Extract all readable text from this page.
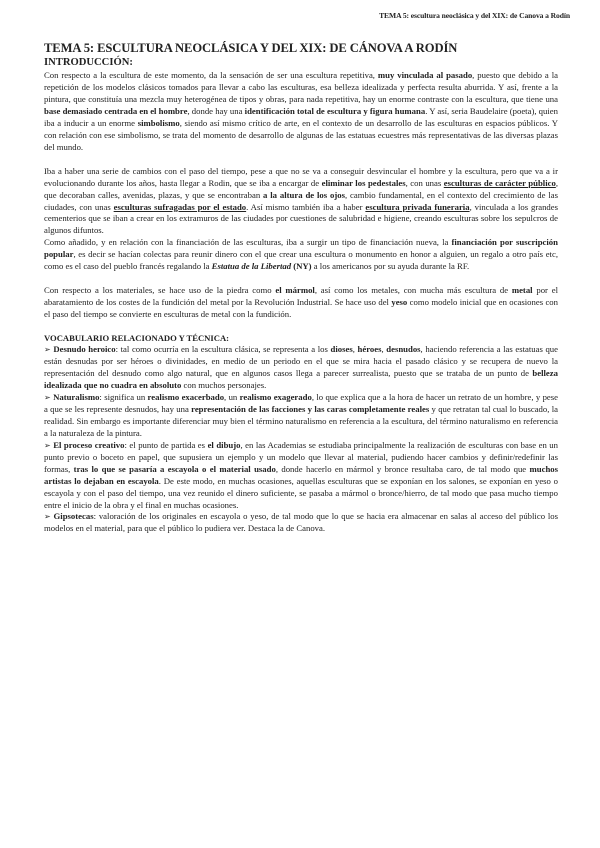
TEMA 5: escultura neoclásica y del XIX: de Canova a Rodín
TEMA 5: ESCULTURA NEOCLÁSICA Y DEL XIX: DE CÁNOVA A RODÍN
INTRODUCCIÓN:

Con respecto a la escultura de este momento, da la sensación de ser una escultura repetitiva, muy vinculada al pasado, puesto que debido a la repetición de los modelos clásicos tomados para llevar a cabo las esculturas, esa belleza idealizada y perfecta resulta aburrida. Y así, frente a la pintura, que constituía una mezcla muy heterogénea de tipos y obras, para nada repetitiva, hay un enorme contraste con la escultura, que tiene una base demasiado centrada en el hombre, donde hay una identificación total de escultura y figura humana. Y así, seria Baudelaire (poeta), quien iba a inducir a un enorme simbolismo, siendo así mismo crítico de arte, en el contexto de un desarrollo de las esculturas en espacios públicos. Y con relación con ese simbolismo, se trata del momento de desarrollo de algunas de las estatuas ecuestres más representativas de las diversas plazas del mundo.

Iba a haber una serie de cambios con el paso del tiempo, pese a que no se va a conseguir desvincular el hombre y la escultura, pero que va a ir evolucionando durante los años, hasta llegar a Rodin, que se iba a encargar de eliminar los pedestales, con unas esculturas de carácter público, que decoraban calles, avenidas, plazas, y que se encontraban a la altura de los ojos, cambio fundamental, en el contexto del crecimiento de las ciudades, con unas esculturas sufragadas por el estado. Así mismo también iba a haber escultura privada funeraria, vinculada a los grandes cementerios que se iban a crear en los extramuros de las ciudades por cuestiones de salubridad e higiene, creando esculturas sobre los sepulcros de algunos difuntos.

Como añadido, y en relación con la financiación de las esculturas, iba a surgir un tipo de financiación nueva, la financiación por suscripción popular, es decir se hacían colectas para reunir dinero con el que crear una escultura o monumento en honor a alguien, un regalo a otro país etc, como es el caso del pueblo francés regalando la Estatua de la Libertad (NY) a los americanos por su ayuda durante la RF.

Con respecto a los materiales, se hace uso de la piedra como el mármol, así como los metales, con mucha más escultura de metal por el abaratamiento de los costes de la fundición del metal por la Revolución Industrial. Se hace uso del yeso como modelo inicial que en ocasiones con el paso del tiempo se convierte en esculturas de metal con la fundición.

VOCABULARIO RELACIONADO Y TÉCNICA:

➢ Desnudo heroico: tal como ocurría en la escultura clásica, se representa a los dioses, héroes, desnudos, haciendo referencia a las estatuas que están desnudas por ser héroes o divinidades, en medio de un periodo en el que se mira hacia el pasado clásico y se recupera de nuevo la representación del desnudo como algo natural, que en algunos casos llega a parecer surrealista, puesto que se trataba de un punto de belleza idealizada que no cuadra en absoluto con muchos personajes.

➢ Naturalismo: significa un realismo exacerbado, un realismo exagerado, lo que explica que a la hora de hacer un retrato de un hombre, y pese a que se les represente desnudos, hay una representación de las facciones y las caras completamente reales y que retratan tal cual lo buscado, la realidad. Sin embargo es importante diferenciar muy bien el término naturalismo en referencia a la escultura, del término naturalismo en referencia a la naturaleza de la pintura.

➢ El proceso creativo: el punto de partida es el dibujo, en las Academias se estudiaba principalmente la realización de esculturas con base en un punto previo o boceto en papel, que supusiera un ejemplo y un modelo que llevar al material, pudiendo hacer cambios y definir/redefinir las formas, tras lo que se pasaría a escayola o el material usado, donde hacerlo en mármol y bronce resultaba caro, de tal modo que muchos artistas lo dejaban en escayola. De este modo, en muchas ocasiones, aquellas esculturas que se exponían en los salones, se exponían en yeso o escayola y con el paso del tiempo, una vez reunido el dinero suficiente, se pasaba a mármol o bronce/hierro, de tal modo que pasa mucho tiempo entre el inicio de la obra y el final en muchas ocasiones.

➢ Gipsotecas: valoración de los originales en escayola o yeso, de tal modo que lo que se hacia era almacenar en salas al acceso del público los modelos en el material, para que el público lo pudiera ver. Destaca la de Canova.
